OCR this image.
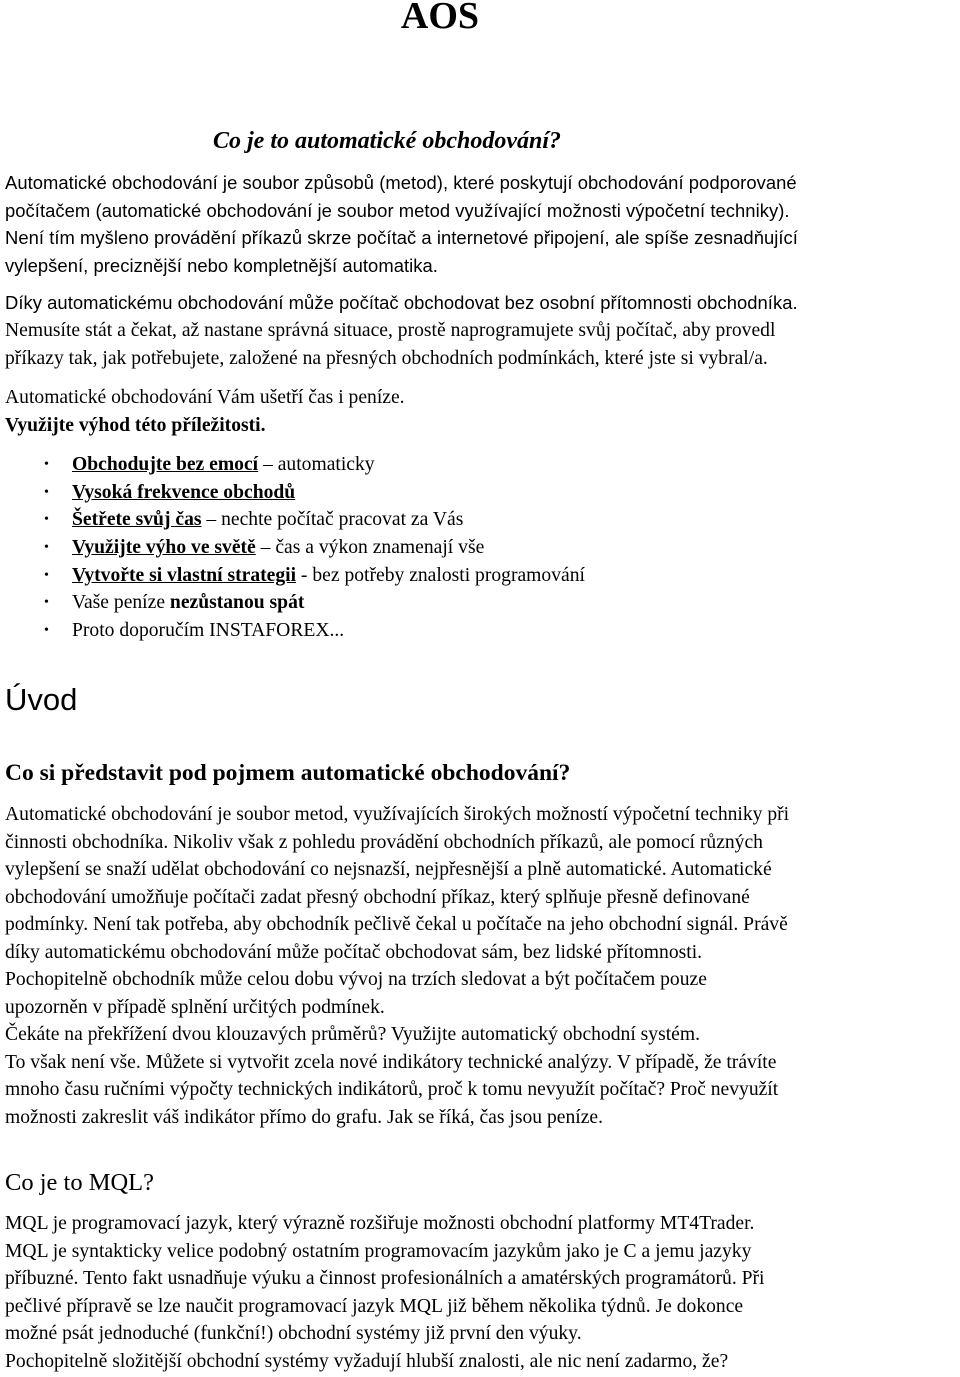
AOS
Co je to automatické obchodování?
Automatické obchodování je soubor způsobů (metod), které poskytují obchodování podporované
počítačem (automatické obchodování je soubor metod využívající možnosti výpočetní techniky).
Není tím myšleno provádění příkazů skrze počítač a internetové připojení, ale spíše zesnadňující
vylepšení, preciznější nebo kompletnější automatika.
Díky automatickému obchodování může počítač obchodovat bez osobní přítomnosti obchodníka.
Nemusíte stát a čekat, až nastane správná situace, prostě naprogramujete svůj počítač, aby provedl
příkazy tak, jak potřebujete, založené na přesných obchodních podmínkách, které jste si vybral/a.
Automatické obchodování Vám ušetří čas i peníze.
Využijte výhod této příležitosti.
• Obchodujte bez emocí – automaticky
• Vysoká frekvence obchodů
• Šetřete svůj čas – nechte počítač pracovat za Vás
• Využijte výho ve světě – čas a výkon znamenají vše
• Vytvořte si vlastní strategii - bez potřeby znalosti programování
• Vaše peníze nezůstanou spát
• Proto doporučím INSTAFOREX...
Úvod
Co si představit pod pojmem automatické obchodování?
Automatické obchodování je soubor metod, využívajících širokých možností výpočetní techniky při
činnosti obchodníka. Nikoliv však z pohledu provádění obchodních příkazů, ale pomocí různých
vylepšení se snaží udělat obchodování co nejsnazší, nejpřesnější a plně automatické. Automatické
obchodování umožňuje počítači zadat přesný obchodní příkaz, který splňuje přesně definované
podmínky. Není tak potřeba, aby obchodník pečlivě čekal u počítače na jeho obchodní signál. Právě
díky automatickému obchodování může počítač obchodovat sám, bez lidské přítomnosti.
Pochopitelně obchodník může celou dobu vývoj na trzích sledovat a být počítačem pouze
upozorněn v případě splnění určitých podmínek.
Čekáte na překřížení dvou klouzavých průměrů? Využijte automatický obchodní systém.
To však není vše. Můžete si vytvořit zcela nové indikátory technické analýzy. V případě, že trávíte
mnoho času ručními výpočty technických indikátorů, proč k tomu nevyužít počítač? Proč nevyužít
možnosti zakreslit váš indikátor přímo do grafu. Jak se říká, čas jsou peníze.
Co je to MQL?
MQL je programovací jazyk, který výrazně rozšiřuje možnosti obchodní platformy MT4Trader.
MQL je syntakticky velice podobný ostatním programovacím jazykům jako je C a jemu jazyky
příbuzné. Tento fakt usnadňuje výuku a činnost profesionálních a amatérských programátorů. Při
pečlivé přípravě se lze naučit programovací jazyk MQL již během několika týdnů. Je dokonce
možné psát jednoduché (funkční!) obchodní systémy již první den výuky.
Pochopitelně složitější obchodní systémy vyžadují hlubší znalosti, ale nic není zadarmo, že?
